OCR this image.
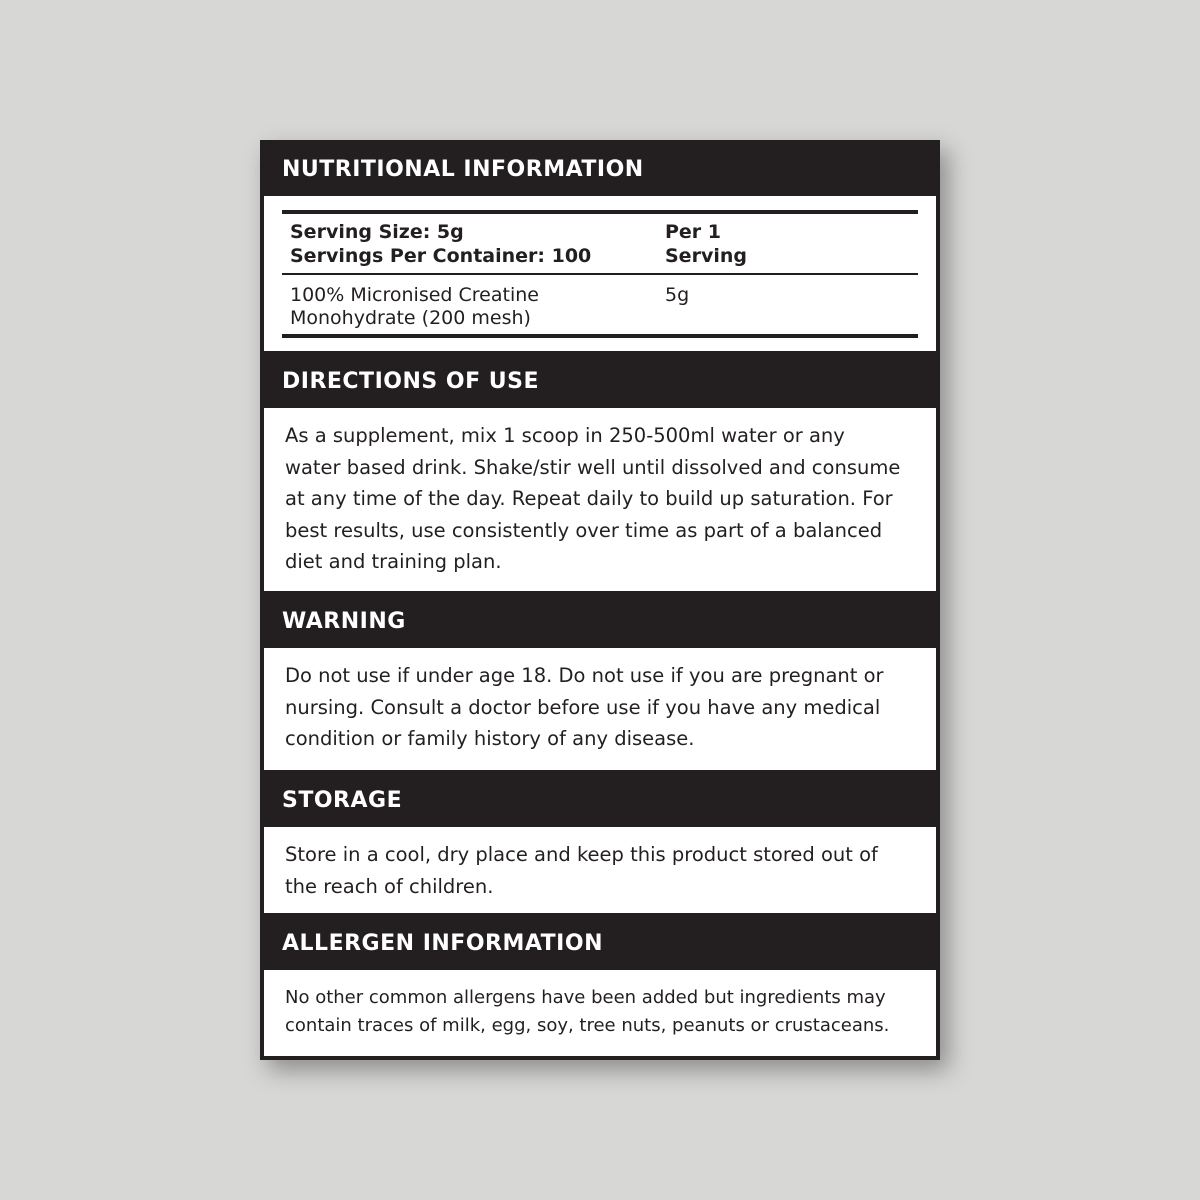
NUTRITIONAL INFORMATION

Serving Size: 5g

Servings Per Container: 100

Per 1

Serving

100% Micronised Creatine

Monohydrate (200 mesh)

5g

DIRECTIONS OF USE
As a supplement, mix 1 scoop in 250-500ml water or any
water based drink. Shake/stir well until dissolved and consume
at any time of the day. Repeat daily to build up saturation. For
best results, use consistently over time as part of a balanced
diet and training plan.
WARNING
Do not use if under age 18. Do not use if you are pregnant or
nursing. Consult a doctor before use if you have any medical
condition or family history of any disease.
STORAGE
Store in a cool, dry place and keep this product stored out of
the reach of children.
ALLERGEN INFORMATION
No other common allergens have been added but ingredients may
contain traces of milk, egg, soy, tree nuts, peanuts or crustaceans.
